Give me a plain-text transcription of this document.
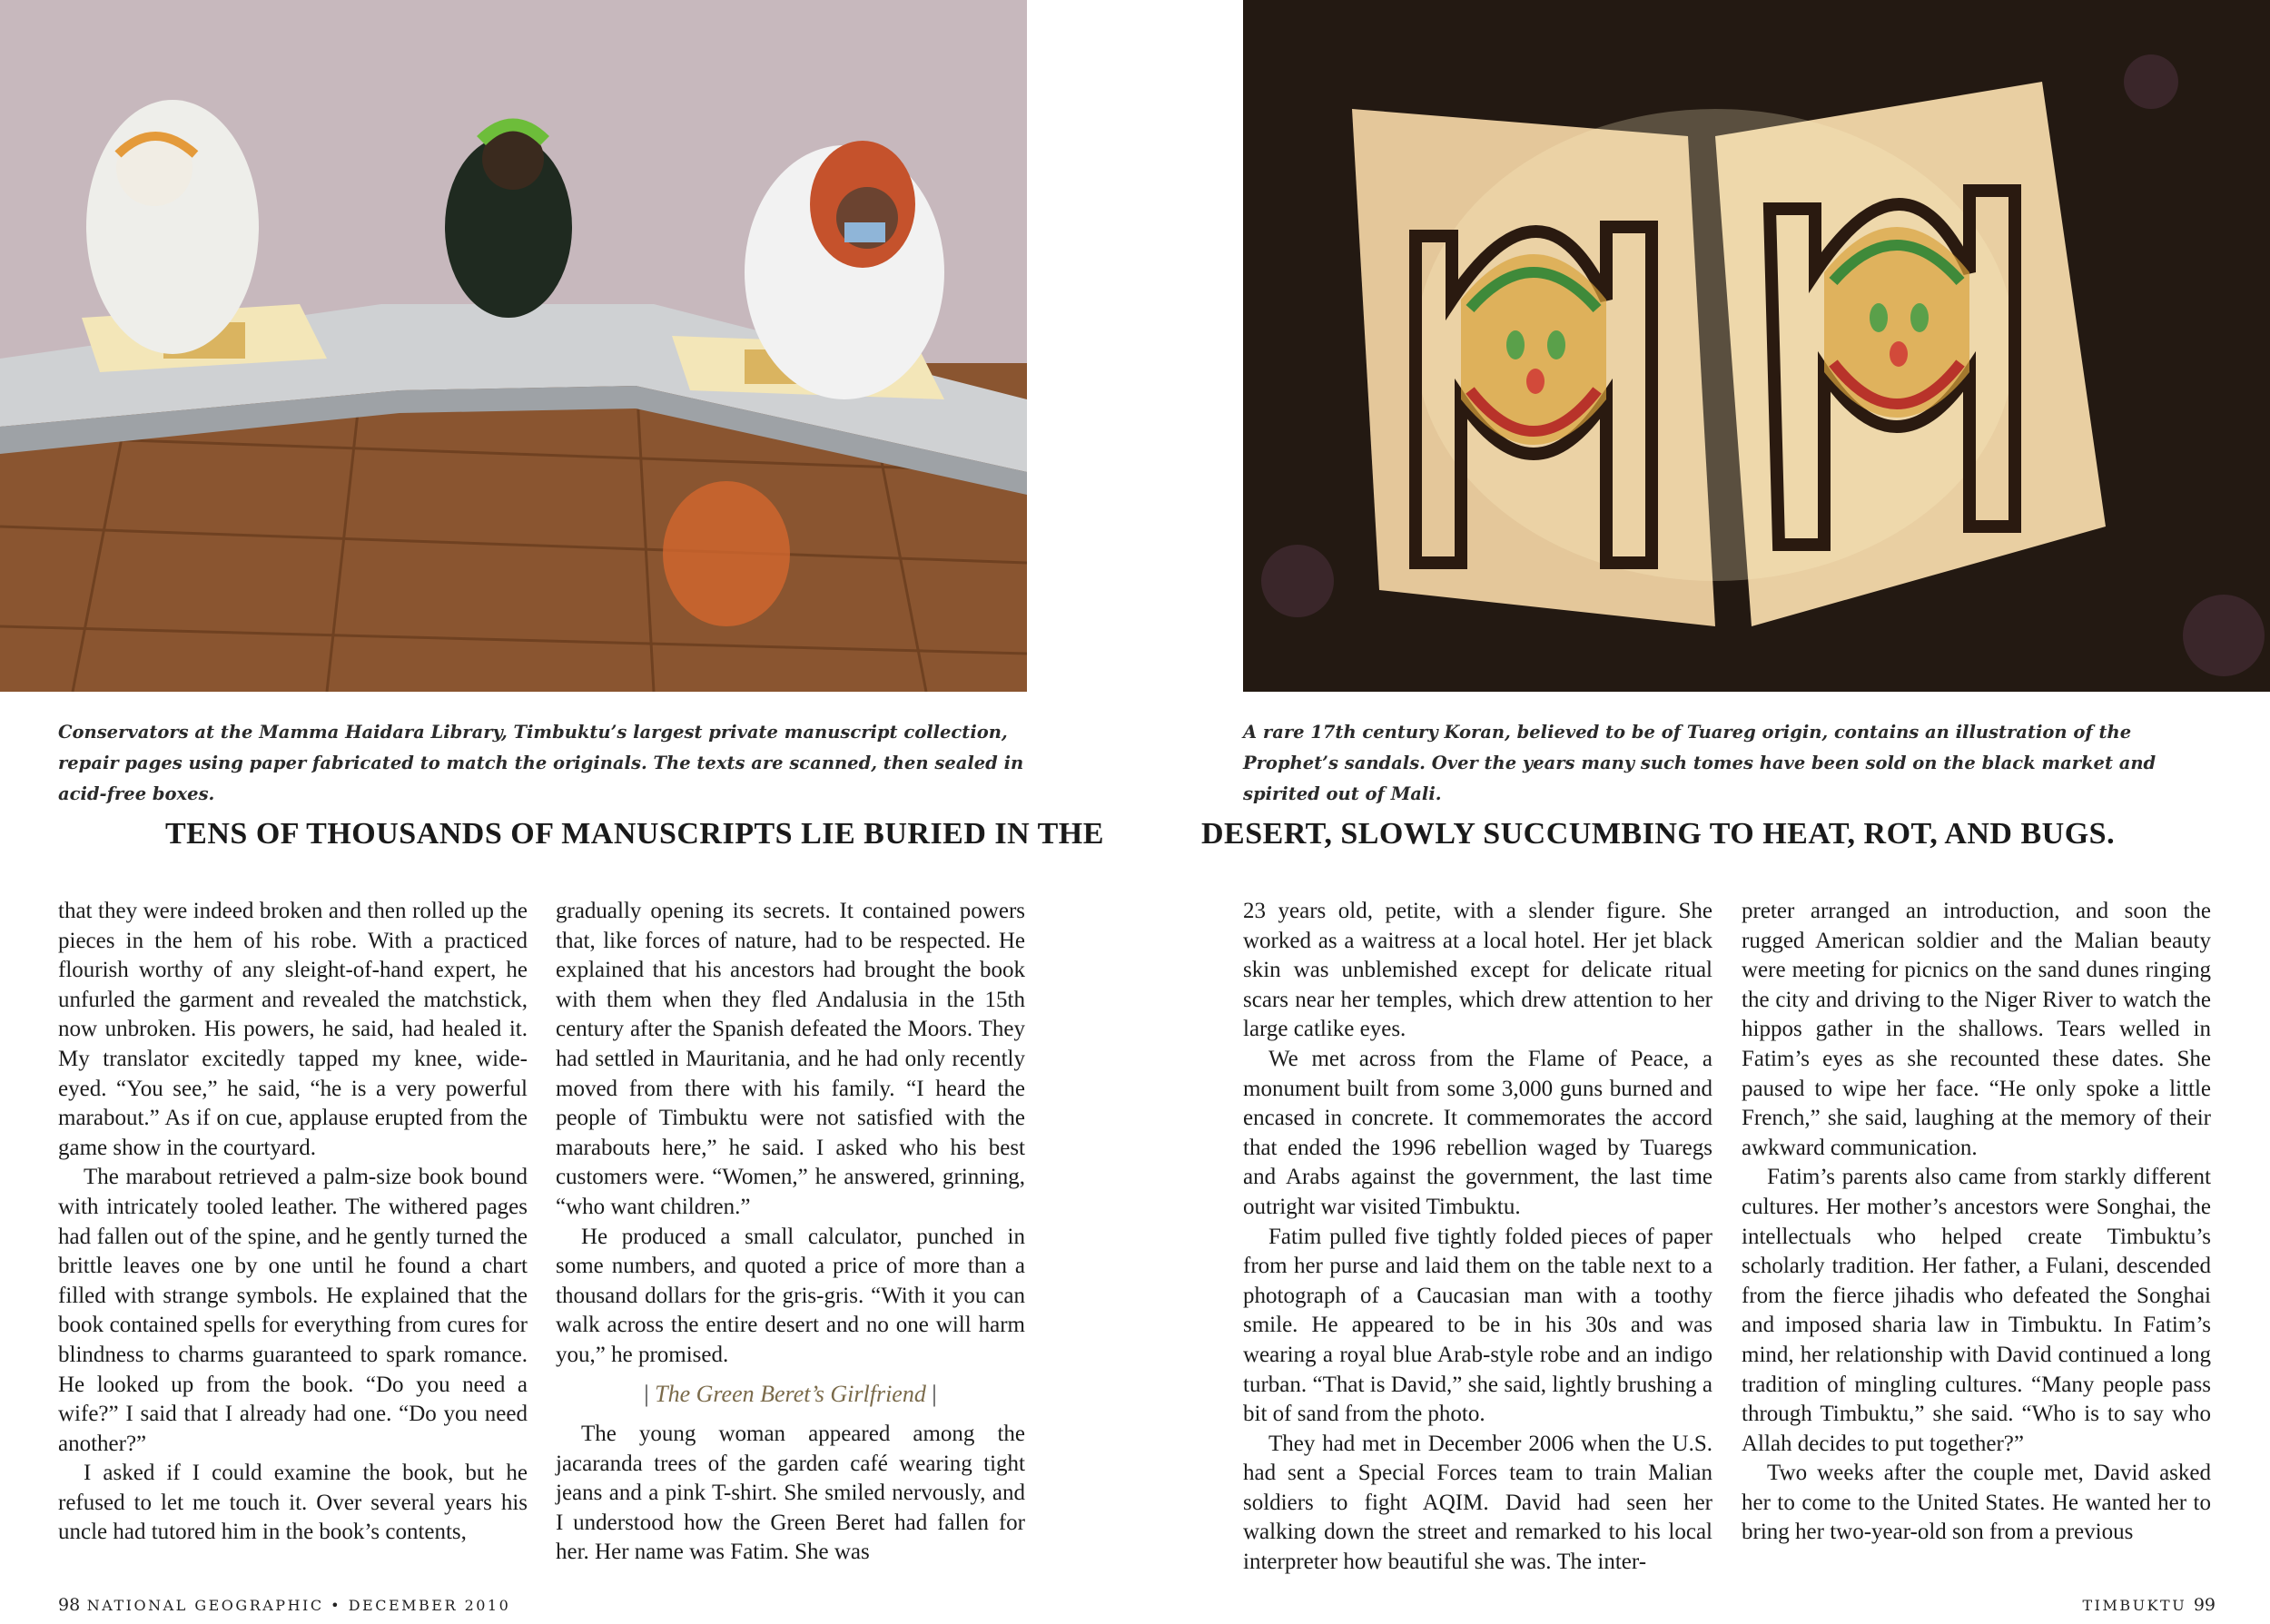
Conservators at the Mamma Haidara Library, Timbuktu’s largest private manuscript collection, repair pages using paper fabricated to match the originals. The texts are scanned, then sealed in acid-free boxes.
A rare 17th century Koran, believed to be of Tuareg origin, contains an illustration of the Prophet’s sandals. Over the years many such tomes have been sold on the black market and spirited out of Mali.
TENS OF THOUSANDS OF MANUSCRIPTS LIE BURIED IN THE	DESERT, SLOWLY SUCCUMBING TO HEAT, ROT, AND BUGS.

that they were indeed broken and then rolled up the pieces in the hem of his robe. With a practiced flourish worthy of any sleight-of-hand expert, he unfurled the garment and revealed the matchstick, now unbroken. His powers, he said, had healed it. My translator excitedly tapped my knee, wide-eyed. “You see,” he said, “he is a very powerful marabout.” As if on cue, applause erupted from the game show in the courtyard.

The marabout retrieved a palm-size book bound with intricately tooled leather. The withered pages had fallen out of the spine, and he gently turned the brittle leaves one by one until he found a chart filled with strange symbols. He explained that the book contained spells for everything from cures for blindness to charms guaranteed to spark romance. He looked up from the book. “Do you need a wife?” I said that I already had one. “Do you need another?”

I asked if I could examine the book, but he refused to let me touch it. Over several years his uncle had tutored him in the book’s contents,

gradually opening its secrets. It contained powers that, like forces of nature, had to be respected. He explained that his ancestors had brought the book with them when they fled Andalusia in the 15th century after the Spanish defeated the Moors. They had settled in Mauritania, and he had only recently moved from there with his family. “I heard the people of Timbuktu were not satisfied with the marabouts here,” he said. I asked who his best customers were. “Women,” he answered, grinning, “who want children.”

He produced a small calculator, punched in some numbers, and quoted a price of more than a thousand dollars for the gris-gris. “With it you can walk across the entire desert and no one will harm you,” he promised.

| The Green Beret’s Girlfriend |

The young woman appeared among the jacaranda trees of the garden café wearing tight jeans and a pink T-shirt. She smiled nervously, and I understood how the Green Beret had fallen for her. Her name was Fatim. She was

23 years old, petite, with a slender figure. She worked as a waitress at a local hotel. Her jet black skin was unblemished except for delicate ritual scars near her temples, which drew attention to her large catlike eyes.

We met across from the Flame of Peace, a monument built from some 3,000 guns burned and encased in concrete. It commemorates the accord that ended the 1996 rebellion waged by Tuaregs and Arabs against the government, the last time outright war visited Timbuktu.

Fatim pulled five tightly folded pieces of paper from her purse and laid them on the table next to a photograph of a Caucasian man with a toothy smile. He appeared to be in his 30s and was wearing a royal blue Arab-style robe and an indigo turban. “That is David,” she said, lightly brushing a bit of sand from the photo.

They had met in December 2006 when the U.S. had sent a Special Forces team to train Malian soldiers to fight AQIM. David had seen her walking down the street and remarked to his local interpreter how beautiful she was. The inter-

preter arranged an introduction, and soon the rugged American soldier and the Malian beauty were meeting for picnics on the sand dunes ringing the city and driving to the Niger River to watch the hippos gather in the shallows. Tears welled in Fatim’s eyes as she recounted these dates. She paused to wipe her face. “He only spoke a little French,” she said, laughing at the memory of their awkward communication.

Fatim’s parents also came from starkly different cultures. Her mother’s ancestors were Songhai, the intellectuals who helped create Timbuktu’s scholarly tradition. Her father, a Fulani, descended from the fierce jihadis who defeated the Songhai and imposed sharia law in Timbuktu. In Fatim’s mind, her relationship with David continued a long tradition of mingling cultures. “Many people pass through Timbuktu,” she said. “Who is to say who Allah decides to put together?”

Two weeks after the couple met, David asked her to come to the United States. He wanted her to bring her two-year-old son from a previous

98 NATIONAL GEOGRAPHIC • DECEMBER 2010	TIMBUKTU 99
